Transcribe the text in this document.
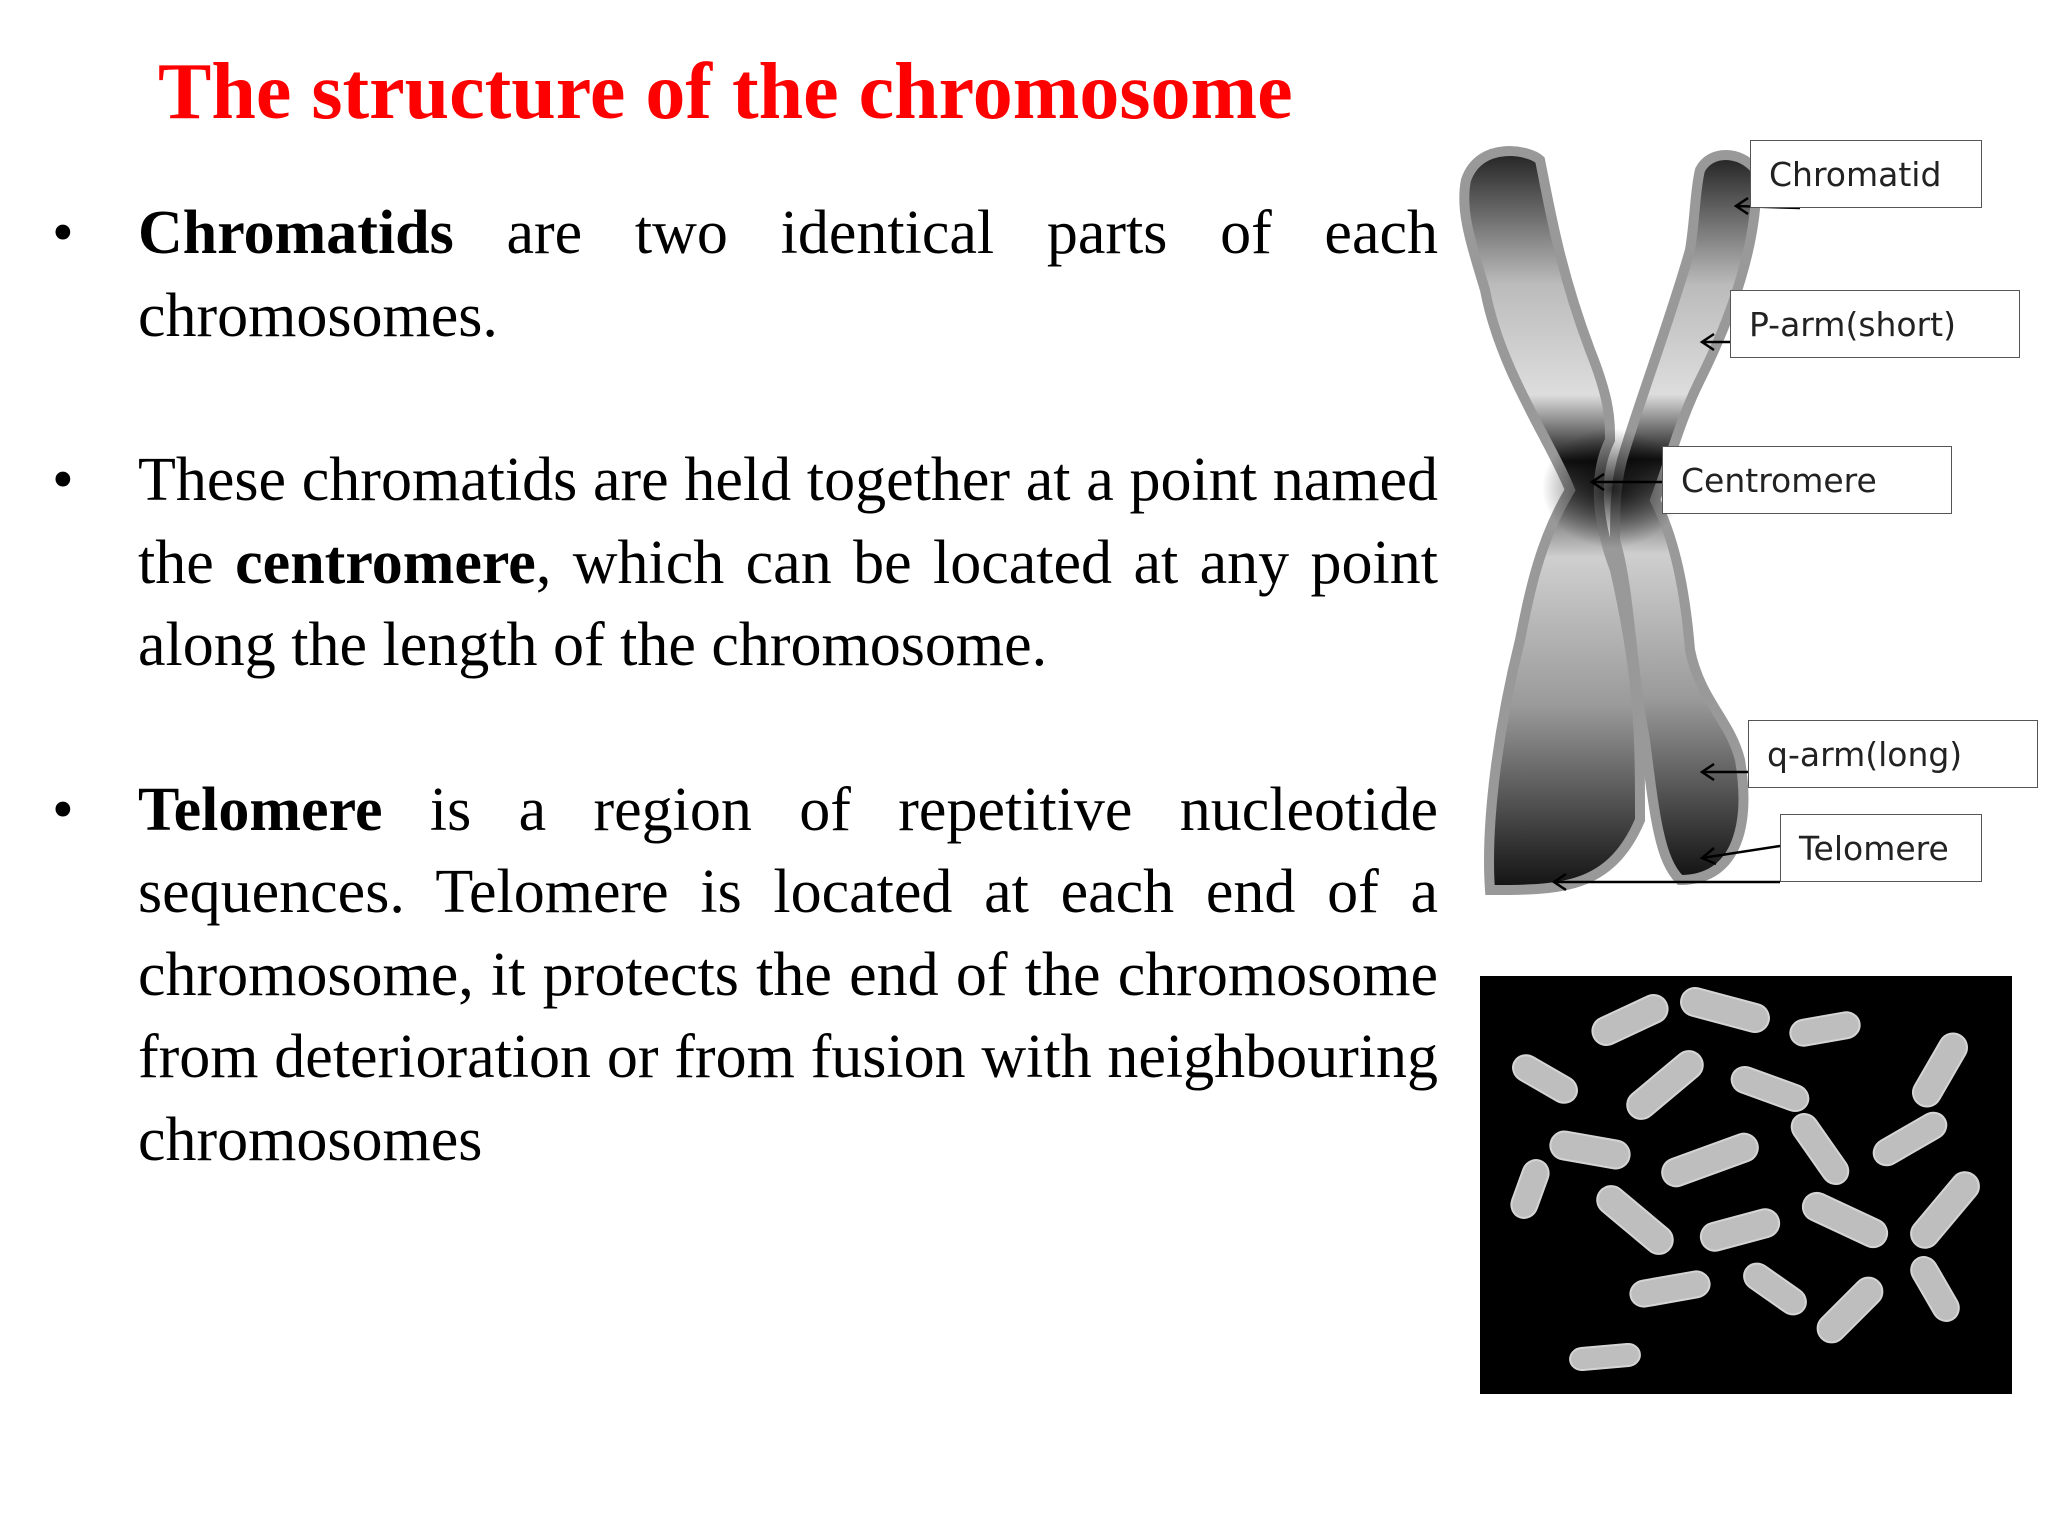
The structure of the chromosome
• Chromatids are two identical parts of each chromosomes.

• These chromatids are held together at a point named the centromere, which can be located at any point along the length of the chromosome.

• Telomere is a region of repetitive nucleotide sequences. Telomere is located at each end of a chromosome, it protects the end of the chromosome from deterioration or from fusion with neighbouring chromosomes

Chromatid
P-arm(short)
Centromere
q-arm(long)
Telomere
